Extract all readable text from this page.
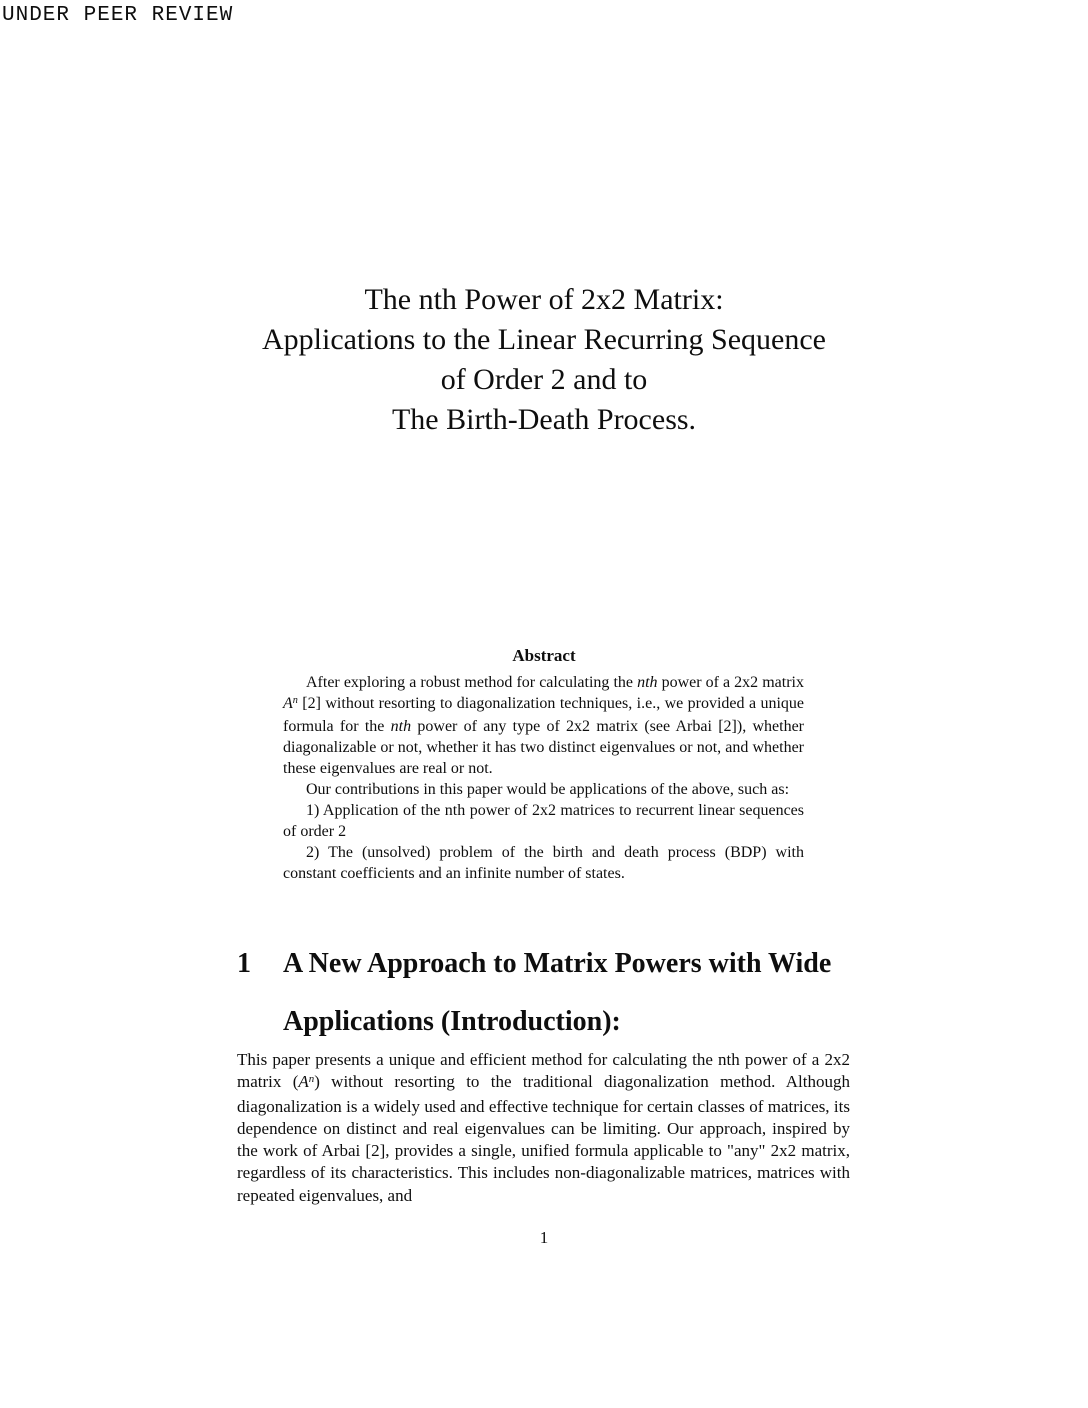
UNDER PEER REVIEW
The nth Power of 2x2 Matrix:
Applications to the Linear Recurring Sequence
of Order 2 and to
The Birth-Death Process.
Abstract

After exploring a robust method for calculating the nth power of a 2x2 matrix $A^n$ [2] without resorting to diagonalization techniques, i.e., we provided a unique formula for the nth power of any type of 2x2 matrix (see Arbai [2]), whether diagonalizable or not, whether it has two distinct eigenvalues or not, and whether these eigenvalues are real or not.

Our contributions in this paper would be applications of the above, such as:

1) Application of the nth power of 2x2 matrices to recurrent linear sequences of order 2

2) The (unsolved) problem of the birth and death process (BDP) with constant coefficients and an infinite number of states.

1	A New Approach to Matrix Powers with Wide
Applications (Introduction):

This paper presents a unique and efficient method for calculating the nth power of a 2x2 matrix $(A^n)$ without resorting to the traditional diagonalization method. Although diagonalization is a widely used and effective technique for certain classes of matrices, its dependence on distinct and real eigenvalues can be limiting. Our approach, inspired by the work of Arbai [2], provides a single, unified formula applicable to "any" 2x2 matrix, regardless of its characteristics. This includes non-diagonalizable matrices, matrices with repeated eigenvalues, and

1
